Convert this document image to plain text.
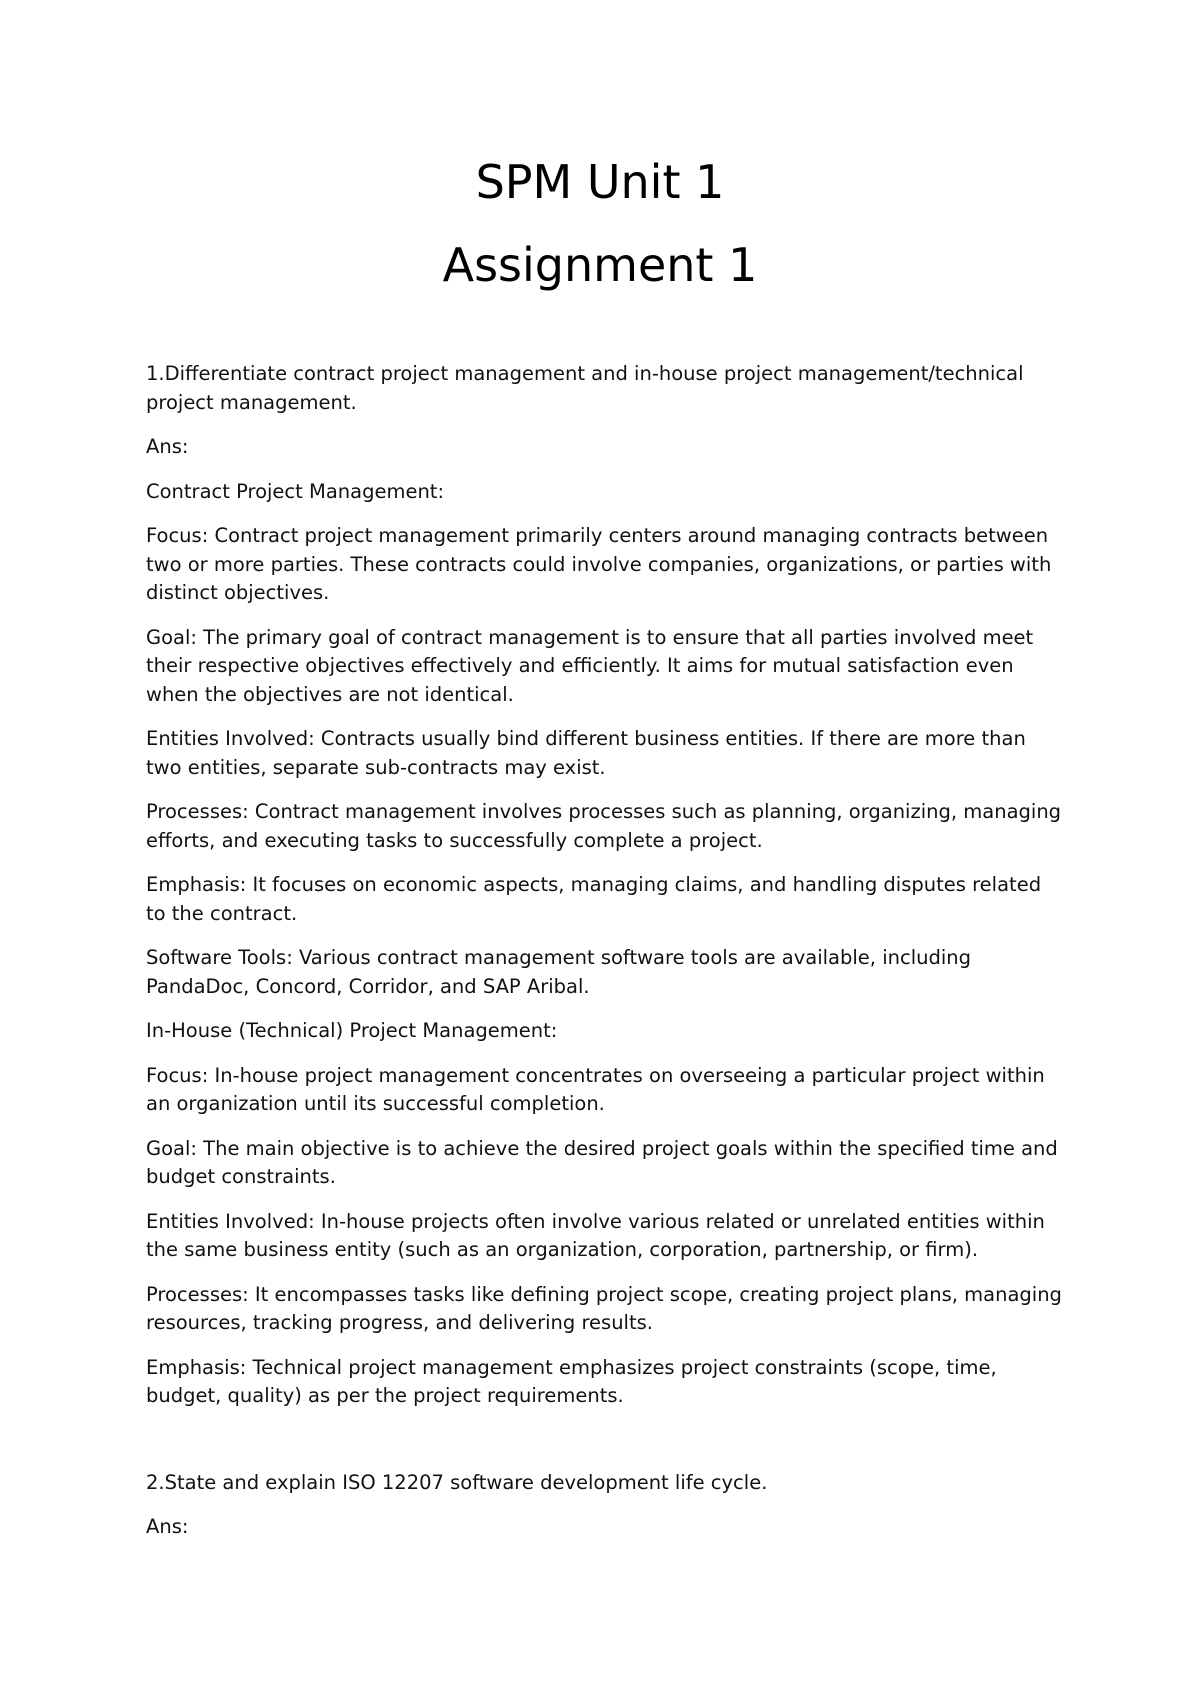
SPM Unit 1
Assignment 1

1.Differentiate contract project management and in-house project management/technical project management.

Ans:

Contract Project Management:

Focus: Contract project management primarily centers around managing contracts between two or more parties. These contracts could involve companies, organizations, or parties with distinct objectives.

Goal: The primary goal of contract management is to ensure that all parties involved meet their respective objectives effectively and efficiently. It aims for mutual satisfaction even when the objectives are not identical.

Entities Involved: Contracts usually bind different business entities. If there are more than two entities, separate sub-contracts may exist.

Processes: Contract management involves processes such as planning, organizing, managing efforts, and executing tasks to successfully complete a project.

Emphasis: It focuses on economic aspects, managing claims, and handling disputes related to the contract.

Software Tools: Various contract management software tools are available, including PandaDoc, Concord, Corridor, and SAP Aribal.

In-House (Technical) Project Management:

Focus: In-house project management concentrates on overseeing a particular project within an organization until its successful completion.

Goal: The main objective is to achieve the desired project goals within the specified time and budget constraints.

Entities Involved: In-house projects often involve various related or unrelated entities within the same business entity (such as an organization, corporation, partnership, or firm).

Processes: It encompasses tasks like defining project scope, creating project plans, managing resources, tracking progress, and delivering results.

Emphasis: Technical project management emphasizes project constraints (scope, time, budget, quality) as per the project requirements.

2.State and explain ISO 12207 software development life cycle.

Ans:
